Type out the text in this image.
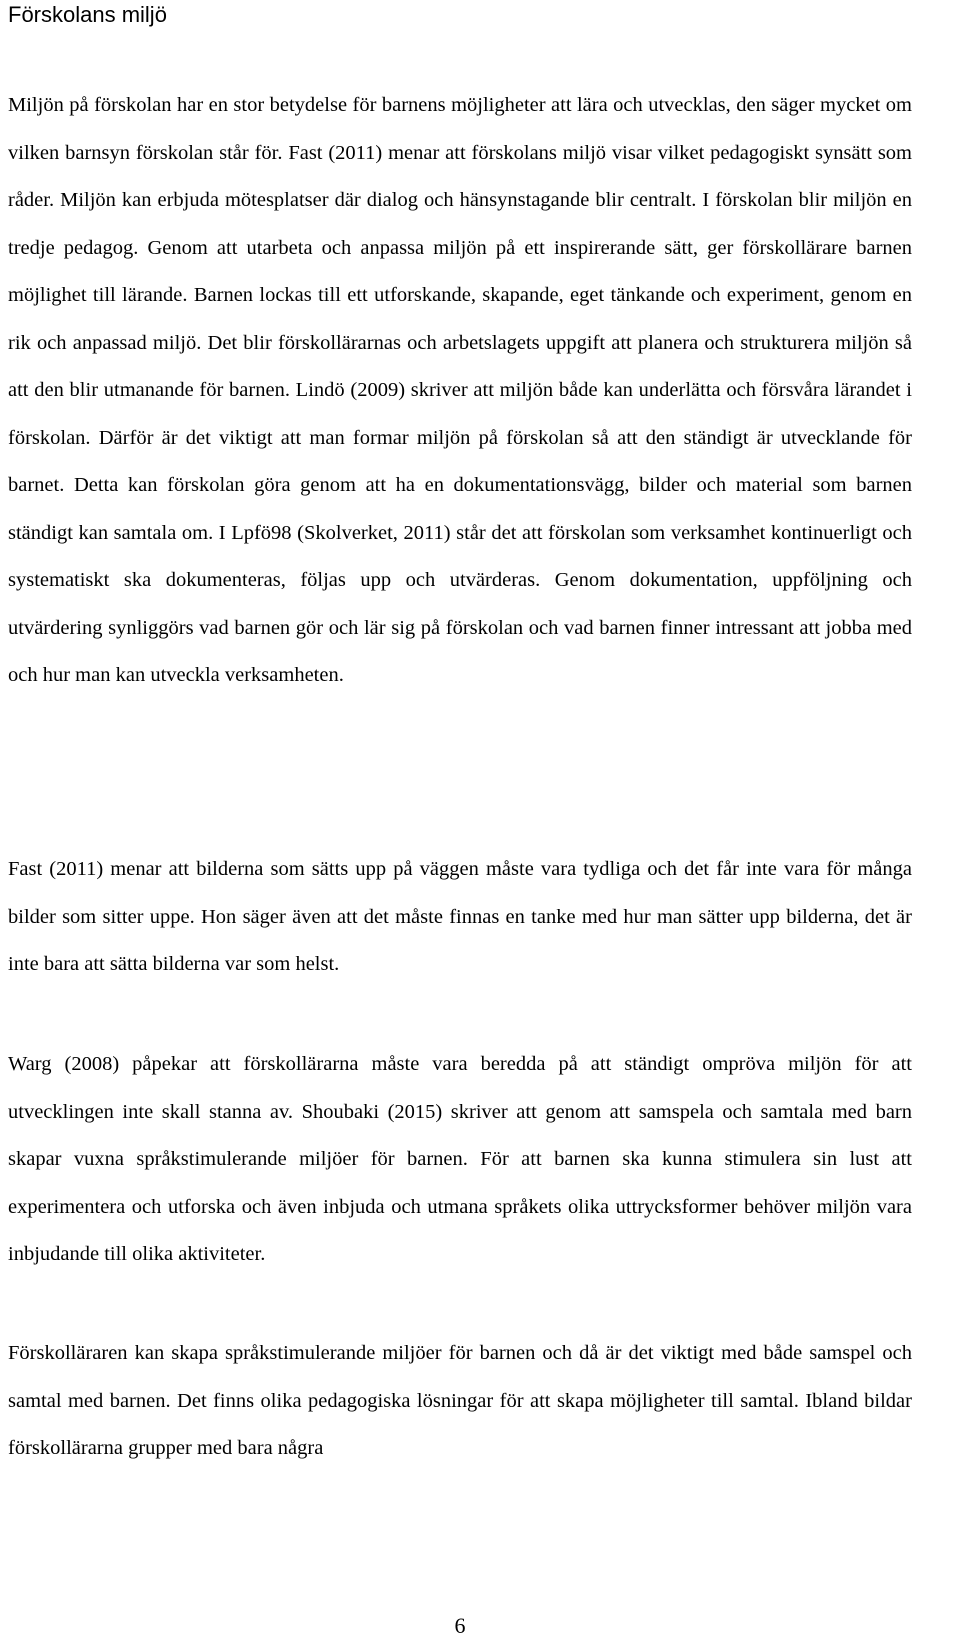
Förskolans miljö

Miljön på förskolan har en stor betydelse för barnens möjligheter att lära och utvecklas, den säger mycket om vilken barnsyn förskolan står för. Fast (2011) menar att förskolans miljö visar vilket pedagogiskt synsätt som råder. Miljön kan erbjuda mötesplatser där dialog och hänsynstagande blir centralt. I förskolan blir miljön en tredje pedagog. Genom att utarbeta och anpassa miljön på ett inspirerande sätt, ger förskollärare barnen möjlighet till lärande. Barnen lockas till ett utforskande, skapande, eget tänkande och experiment, genom en rik och anpassad miljö. Det blir förskollärarnas och arbetslagets uppgift att planera och strukturera miljön så att den blir utmanande för barnen. Lindö (2009) skriver att miljön både kan underlätta och försvåra lärandet i förskolan. Därför är det viktigt att man formar miljön på förskolan så att den ständigt är utvecklande för barnet. Detta kan förskolan göra genom att ha en dokumentationsvägg, bilder och material som barnen ständigt kan samtala om. I Lpfö98 (Skolverket, 2011) står det att förskolan som verksamhet kontinuerligt och systematiskt ska dokumenteras, följas upp och utvärderas. Genom dokumentation, uppföljning och utvärdering synliggörs vad barnen gör och lär sig på förskolan och vad barnen finner intressant att jobba med och hur man kan utveckla verksamheten.

Fast (2011) menar att bilderna som sätts upp på väggen måste vara tydliga och det får inte vara för många bilder som sitter uppe. Hon säger även att det måste finnas en tanke med hur man sätter upp bilderna, det är inte bara att sätta bilderna var som helst.

Warg (2008) påpekar att förskollärarna måste vara beredda på att ständigt ompröva miljön för att utvecklingen inte skall stanna av. Shoubaki (2015) skriver att genom att samspela och samtala med barn skapar vuxna språkstimulerande miljöer för barnen. För att barnen ska kunna stimulera sin lust att experimentera och utforska och även inbjuda och utmana språkets olika uttrycksformer behöver miljön vara inbjudande till olika aktiviteter.

Förskolläraren kan skapa språkstimulerande miljöer för barnen och då är det viktigt med både samspel och samtal med barnen. Det finns olika pedagogiska lösningar för att skapa möjligheter till samtal. Ibland bildar förskollärarna grupper med bara några

6
